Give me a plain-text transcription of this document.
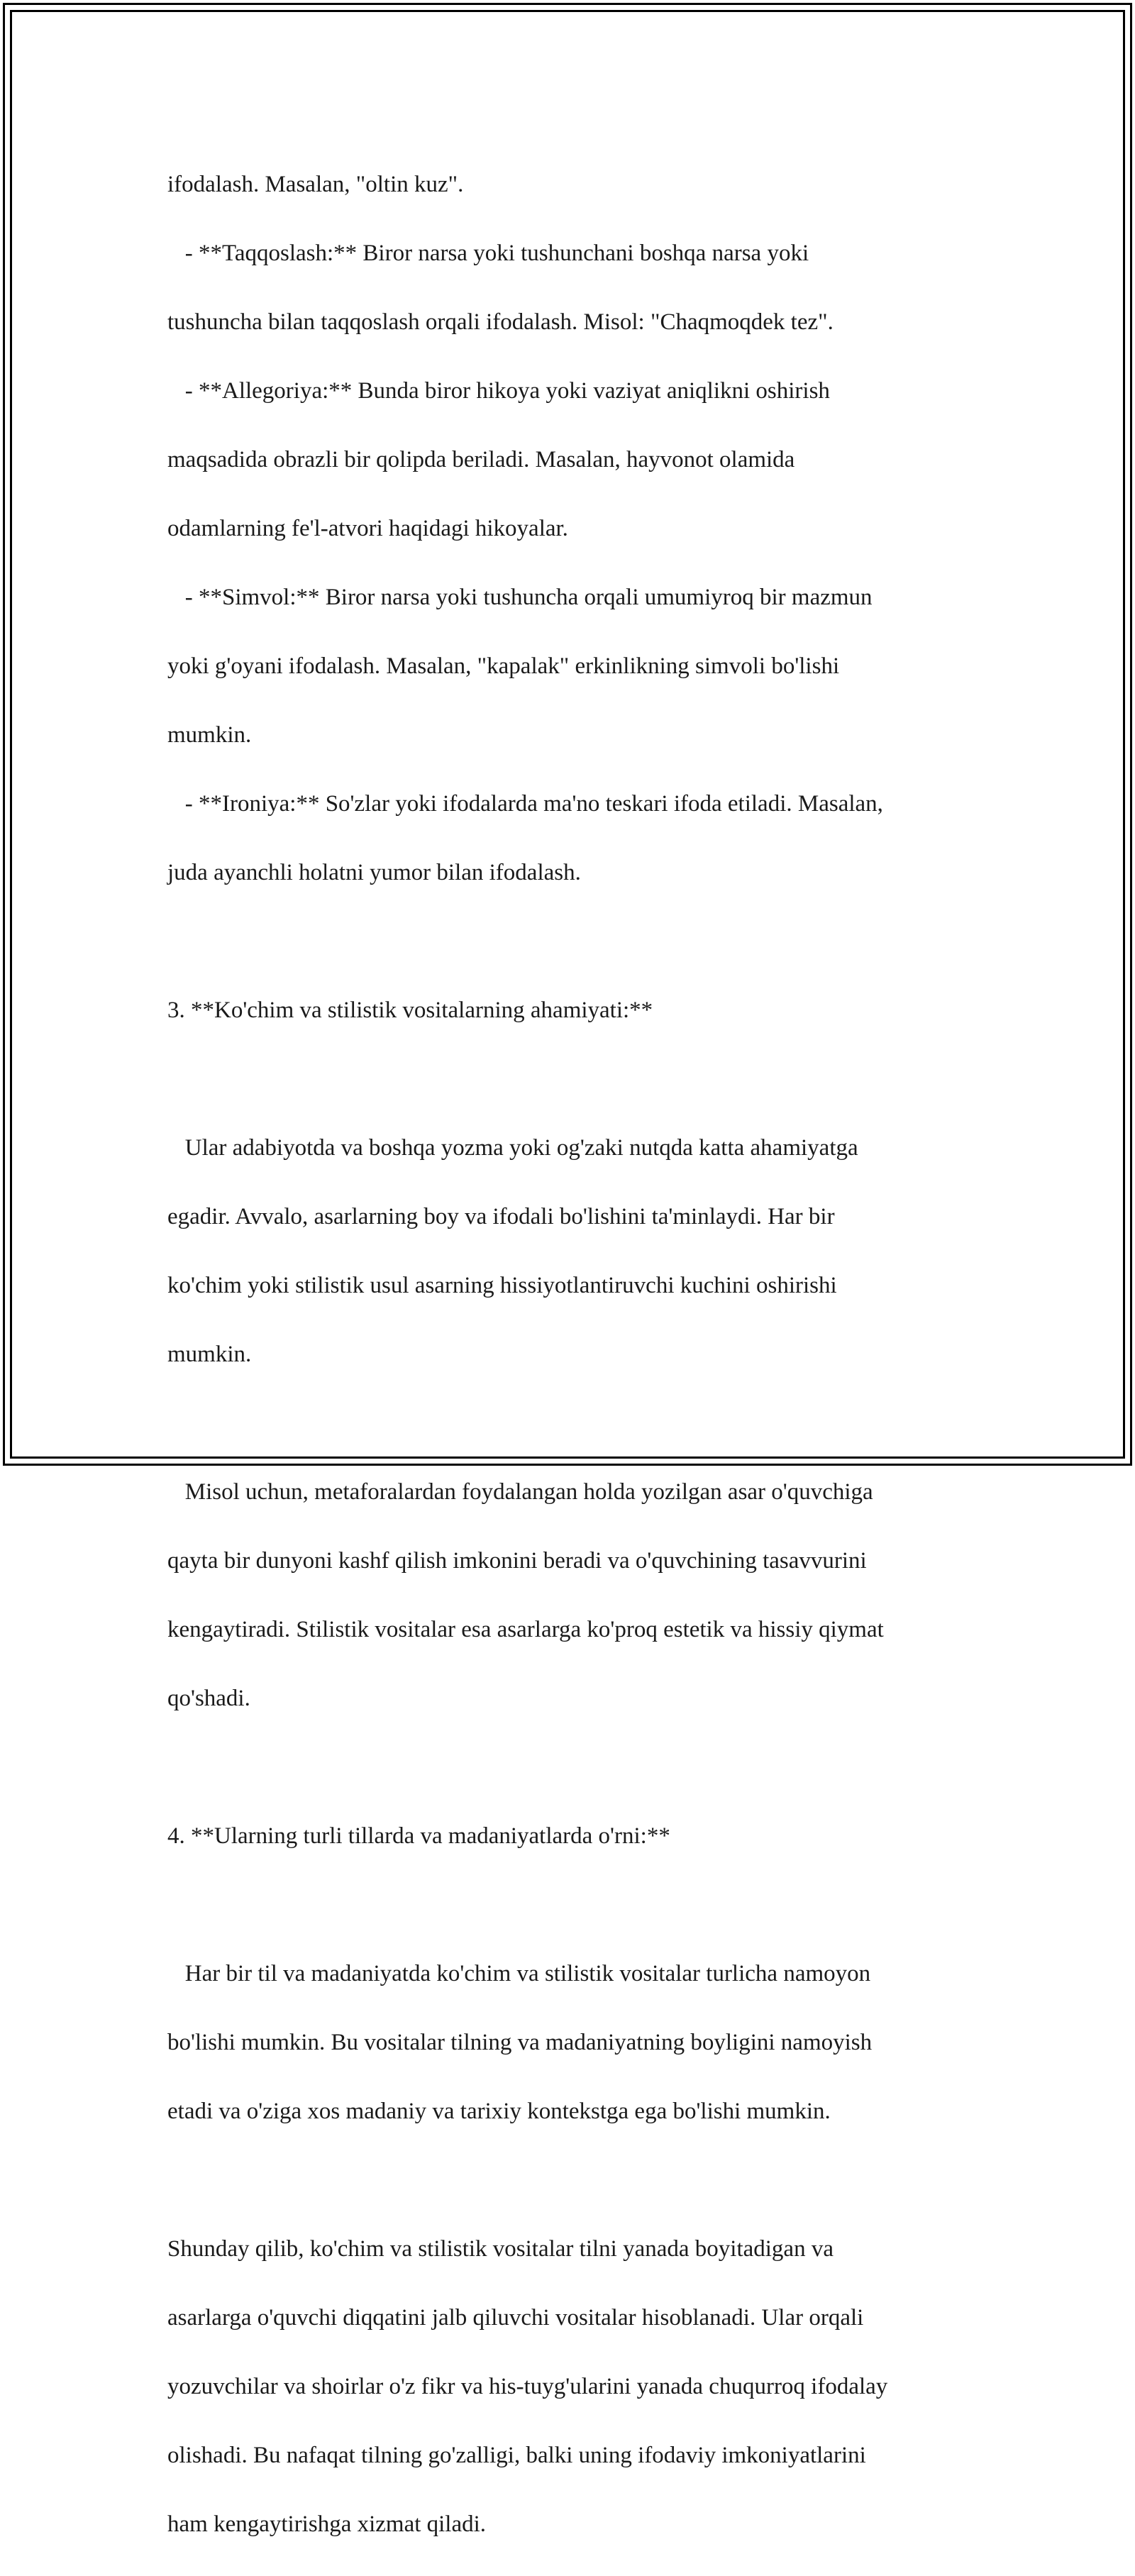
ifodalash. Masalan, "oltin kuz".

- **Taqqoslash:** Biror narsa yoki tushunchani boshqa narsa yoki

tushuncha bilan taqqoslash orqali ifodalash. Misol: "Chaqmoqdek tez".

- **Allegoriya:** Bunda biror hikoya yoki vaziyat aniqlikni oshirish

maqsadida obrazli bir qolipda beriladi. Masalan, hayvonot olamida

odamlarning fe'l-atvori haqidagi hikoyalar.

- **Simvol:** Biror narsa yoki tushuncha orqali umumiyroq bir mazmun

yoki g'oyani ifodalash. Masalan, "kapalak" erkinlikning simvoli bo'lishi

mumkin.

- **Ironiya:** So'zlar yoki ifodalarda ma'no teskari ifoda etiladi. Masalan,

juda ayanchli holatni yumor bilan ifodalash.

3. **Ko'chim va stilistik vositalarning ahamiyati:**

Ular adabiyotda va boshqa yozma yoki og'zaki nutqda katta ahamiyatga

egadir. Avvalo, asarlarning boy va ifodali bo'lishini ta'minlaydi. Har bir

ko'chim yoki stilistik usul asarning hissiyotlantiruvchi kuchini oshirishi

mumkin.

Misol uchun, metaforalardan foydalangan holda yozilgan asar o'quvchiga

qayta bir dunyoni kashf qilish imkonini beradi va o'quvchining tasavvurini

kengaytiradi. Stilistik vositalar esa asarlarga ko'proq estetik va hissiy qiymat

qo'shadi.

4. **Ularning turli tillarda va madaniyatlarda o'rni:**

Har bir til va madaniyatda ko'chim va stilistik vositalar turlicha namoyon

bo'lishi mumkin. Bu vositalar tilning va madaniyatning boyligini namoyish

etadi va o'ziga xos madaniy va tarixiy kontekstga ega bo'lishi mumkin.

Shunday qilib, ko'chim va stilistik vositalar tilni yanada boyitadigan va

asarlarga o'quvchi diqqatini jalb qiluvchi vositalar hisoblanadi. Ular orqali

yozuvchilar va shoirlar o'z fikr va his-tuyg'ularini yanada chuqurroq ifodalay

olishadi. Bu nafaqat tilning go'zalligi, balki uning ifodaviy imkoniyatlarini

ham kengaytirishga xizmat qiladi.
